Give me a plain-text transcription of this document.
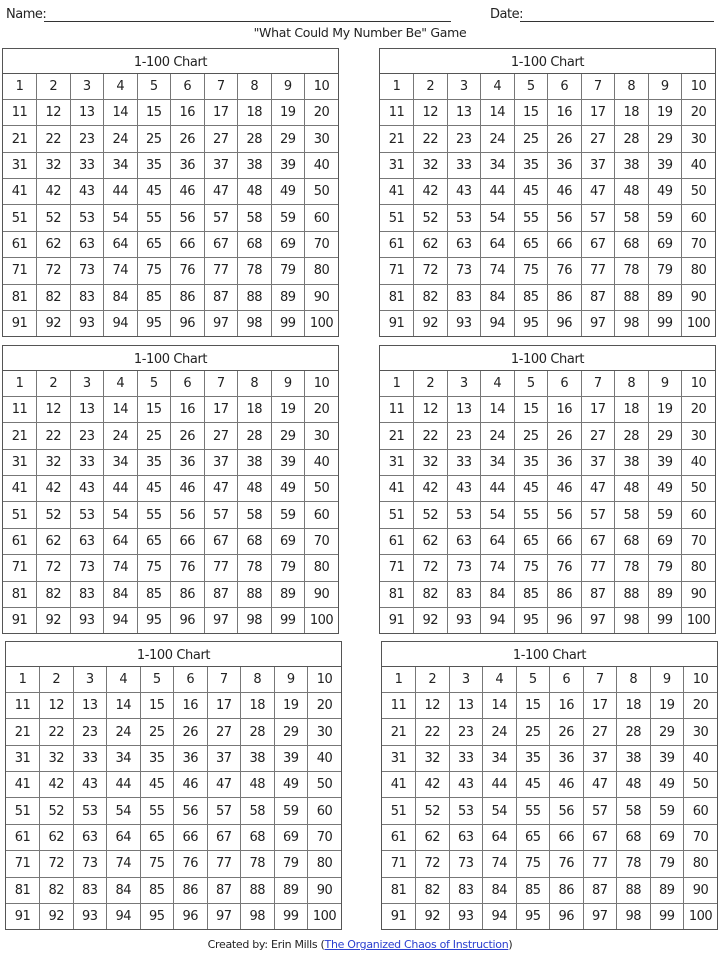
Name:	Date:
"What Could My Number Be" Game
1-100 Chart
1	2	3	4	5	6	7	8	9	10
11	12	13	14	15	16	17	18	19	20
21	22	23	24	25	26	27	28	29	30
31	32	33	34	35	36	37	38	39	40
41	42	43	44	45	46	47	48	49	50
51	52	53	54	55	56	57	58	59	60
61	62	63	64	65	66	67	68	69	70
71	72	73	74	75	76	77	78	79	80
81	82	83	84	85	86	87	88	89	90
91	92	93	94	95	96	97	98	99	100
1-100 Chart
1	2	3	4	5	6	7	8	9	10
11	12	13	14	15	16	17	18	19	20
21	22	23	24	25	26	27	28	29	30
31	32	33	34	35	36	37	38	39	40
41	42	43	44	45	46	47	48	49	50
51	52	53	54	55	56	57	58	59	60
61	62	63	64	65	66	67	68	69	70
71	72	73	74	75	76	77	78	79	80
81	82	83	84	85	86	87	88	89	90
91	92	93	94	95	96	97	98	99	100
1-100 Chart
1	2	3	4	5	6	7	8	9	10
11	12	13	14	15	16	17	18	19	20
21	22	23	24	25	26	27	28	29	30
31	32	33	34	35	36	37	38	39	40
41	42	43	44	45	46	47	48	49	50
51	52	53	54	55	56	57	58	59	60
61	62	63	64	65	66	67	68	69	70
71	72	73	74	75	76	77	78	79	80
81	82	83	84	85	86	87	88	89	90
91	92	93	94	95	96	97	98	99	100
1-100 Chart
1	2	3	4	5	6	7	8	9	10
11	12	13	14	15	16	17	18	19	20
21	22	23	24	25	26	27	28	29	30
31	32	33	34	35	36	37	38	39	40
41	42	43	44	45	46	47	48	49	50
51	52	53	54	55	56	57	58	59	60
61	62	63	64	65	66	67	68	69	70
71	72	73	74	75	76	77	78	79	80
81	82	83	84	85	86	87	88	89	90
91	92	93	94	95	96	97	98	99	100
1-100 Chart
1	2	3	4	5	6	7	8	9	10
11	12	13	14	15	16	17	18	19	20
21	22	23	24	25	26	27	28	29	30
31	32	33	34	35	36	37	38	39	40
41	42	43	44	45	46	47	48	49	50
51	52	53	54	55	56	57	58	59	60
61	62	63	64	65	66	67	68	69	70
71	72	73	74	75	76	77	78	79	80
81	82	83	84	85	86	87	88	89	90
91	92	93	94	95	96	97	98	99	100
1-100 Chart
1	2	3	4	5	6	7	8	9	10
11	12	13	14	15	16	17	18	19	20
21	22	23	24	25	26	27	28	29	30
31	32	33	34	35	36	37	38	39	40
41	42	43	44	45	46	47	48	49	50
51	52	53	54	55	56	57	58	59	60
61	62	63	64	65	66	67	68	69	70
71	72	73	74	75	76	77	78	79	80
81	82	83	84	85	86	87	88	89	90
91	92	93	94	95	96	97	98	99	100
Created by: Erin Mills (The Organized Chaos of Instruction)
